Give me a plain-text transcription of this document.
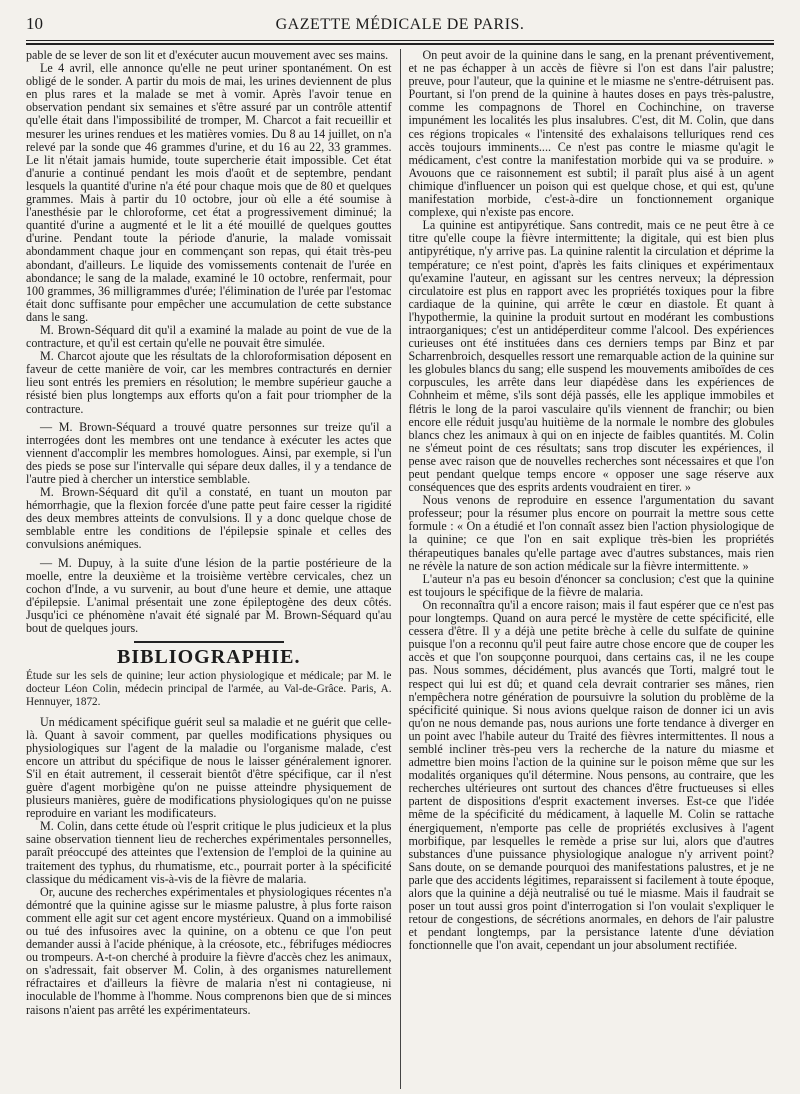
10	GAZETTE MÉDICALE DE PARIS.

pable de se lever de son lit et d'exécuter aucun mouvement avec ses mains.

Le 4 avril, elle annonce qu'elle ne peut uriner spontanément. On est obligé de le sonder. A partir du mois de mai, les urines deviennent de plus en plus rares et la malade se met à vomir. Après l'avoir tenue en observation pendant six semaines et s'être assuré par un contrôle attentif qu'elle était dans l'impossibilité de tromper, M. Charcot a fait recueillir et mesurer les urines rendues et les matières vomies. Du 8 au 14 juillet, on n'a relevé par la sonde que 46 grammes d'urine, et du 16 au 22, 33 grammes. Le lit n'était jamais humide, toute supercherie était impossible. Cet état d'anurie a continué pendant les mois d'août et de septembre, pendant lesquels la quantité d'urine n'a été pour chaque mois que de 80 et quelques grammes. Mais à partir du 10 octobre, jour où elle a été soumise à l'anesthésie par le chloroforme, cet état a progressivement diminué; la quantité d'urine a augmenté et le lit a été mouillé de quelques gouttes d'urine. Pendant toute la période d'anurie, la malade vomissait abondamment chaque jour en commençant son repas, qui était très-peu abondant, d'ailleurs. Le liquide des vomissements contenait de l'urée en abondance; le sang de la malade, examiné le 10 octobre, renfermait, pour 100 grammes, 36 milligrammes d'urée; l'élimination de l'urée par l'estomac était donc suffisante pour empêcher une accumulation de cette substance dans le sang.

M. Brown-Séquard dit qu'il a examiné la malade au point de vue de la contracture, et qu'il est certain qu'elle ne pouvait être simulée.

M. Charcot ajoute que les résultats de la chloroformisation déposent en faveur de cette manière de voir, car les membres contracturés en dernier lieu sont entrés les premiers en résolution; le membre supérieur gauche a résisté bien plus longtemps aux efforts qu'on a fait pour triompher de la contracture.

— M. Brown-Séquard a trouvé quatre personnes sur treize qu'il a interrogées dont les membres ont une tendance à exécuter les actes que viennent d'accomplir les membres homologues. Ainsi, par exemple, si l'un des pieds se pose sur l'intervalle qui sépare deux dalles, il y a tendance de l'autre pied à chercher un interstice semblable.

M. Brown-Séquard dit qu'il a constaté, en tuant un mouton par hémorrhagie, que la flexion forcée d'une patte peut faire cesser la rigidité des deux membres atteints de convulsions. Il y a donc quelque chose de semblable entre les conditions de l'épilepsie spinale et celles des convulsions anémiques.

— M. Dupuy, à la suite d'une lésion de la partie postérieure de la moelle, entre la deuxième et la troisième vertèbre cervicales, chez un cochon d'Inde, a vu survenir, au bout d'une heure et demie, une attaque d'épilepsie. L'animal présentait une zone épileptogène des deux côtés. Jusqu'ici ce phénomène n'avait été signalé par M. Brown-Séquard qu'au bout de quelques jours.

BIBLIOGRAPHIE.

Étude sur les sels de quinine; leur action physiologique et médicale; par M. le docteur Léon Colin, médecin principal de l'armée, au Val-de-Grâce. Paris, A. Hennuyer, 1872.

Un médicament spécifique guérit seul sa maladie et ne guérit que celle-là. Quant à savoir comment, par quelles modifications physiques ou physiologiques sur l'agent de la maladie ou l'organisme malade, c'est encore un attribut du spécifique de nous le laisser généralement ignorer. S'il en était autrement, il cesserait bientôt d'être spécifique, car il n'est guère d'agent morbigène qu'on ne puisse atteindre physiquement de plusieurs manières, guère de modifications physiologiques qu'on ne puisse reproduire en variant les modificateurs.

M. Colin, dans cette étude où l'esprit critique le plus judicieux et la plus saine observation tiennent lieu de recherches expérimentales personnelles, paraît préoccupé des atteintes que l'extension de l'emploi de la quinine au traitement des typhus, du rhumatisme, etc., pourrait porter à la spécificité classique du médicament vis-à-vis de la fièvre de malaria.

Or, aucune des recherches expérimentales et physiologiques récentes n'a démontré que la quinine agisse sur le miasme palustre, à plus forte raison comment elle agit sur cet agent encore mystérieux. Quand on a immobilisé ou tué des infusoires avec la quinine, on a obtenu ce que l'on peut demander aussi à l'acide phénique, à la créosote, etc., fébrifuges médiocres ou trompeurs. A-t-on cherché à produire la fièvre d'accès chez les animaux, on s'adressait, fait observer M. Colin, à des organismes naturellement réfractaires et d'ailleurs la fièvre de malaria n'est ni contagieuse, ni inoculable de l'homme à l'homme. Nous comprenons bien que de si minces raisons n'aient pas arrêté les expérimentateurs.

On peut avoir de la quinine dans le sang, en la prenant préventivement, et ne pas échapper à un accès de fièvre si l'on est dans l'air palustre; preuve, pour l'auteur, que la quinine et le miasme ne s'entre-détruisent pas. Pourtant, si l'on prend de la quinine à hautes doses en pays très-palustre, comme les compagnons de Thorel en Cochinchine, on traverse impunément les localités les plus insalubres. C'est, dit M. Colin, que dans ces régions tropicales « l'intensité des exhalaisons telluriques rend ces accès toujours imminents.... Ce n'est pas contre le miasme qu'agit le médicament, c'est contre la manifestation morbide qui va se produire. » Avouons que ce raisonnement est subtil; il paraît plus aisé à un agent chimique d'influencer un poison qui est quelque chose, et qui est, qu'une manifestation morbide, c'est-à-dire un fonctionnement organique complexe, qui n'existe pas encore.

La quinine est antipyrétique. Sans contredit, mais ce ne peut être à ce titre qu'elle coupe la fièvre intermittente; la digitale, qui est bien plus antipyrétique, n'y arrive pas. La quinine ralentit la circulation et déprime la température; ce n'est point, d'après les faits cliniques et expérimentaux qu'examine l'auteur, en agissant sur les centres nerveux; la dépression circulatoire est plus en rapport avec les propriétés toxiques pour la fibre cardiaque de la quinine, qui arrête le cœur en diastole. Et quant à l'hypothermie, la quinine la produit surtout en modérant les combustions intraorganiques; c'est un antidéperditeur comme l'alcool. Des expériences curieuses ont été instituées dans ces derniers temps par Binz et par Scharrenbroich, desquelles ressort une remarquable action de la quinine sur les globules blancs du sang; elle suspend les mouvements amiboïdes de ces corpuscules, les arrête dans leur diapédèse dans les expériences de Cohnheim et même, s'ils sont déjà passés, elle les applique immobiles et flétris le long de la paroi vasculaire qu'ils viennent de franchir; ou bien encore elle réduit jusqu'au huitième de la normale le nombre des globules blancs chez les animaux à qui on en injecte de faibles quantités. M. Colin ne s'émeut point de ces résultats; sans trop discuter les expériences, il pense avec raison que de nouvelles recherches sont nécessaires et que l'on peut pendant quelque temps encore « opposer une sage réserve aux conséquences que des esprits ardents voudraient en tirer. »

Nous venons de reproduire en essence l'argumentation du savant professeur; pour la résumer plus encore on pourrait la mettre sous cette formule : « On a étudié et l'on connaît assez bien l'action physiologique de la quinine; ce que l'on en sait explique très-bien les propriétés thérapeutiques banales qu'elle partage avec d'autres substances, mais rien ne révèle la nature de son action médicale sur la fièvre intermittente. »

L'auteur n'a pas eu besoin d'énoncer sa conclusion; c'est que la quinine est toujours le spécifique de la fièvre de malaria.

On reconnaîtra qu'il a encore raison; mais il faut espérer que ce n'est pas pour longtemps. Quand on aura percé le mystère de cette spécificité, elle cessera d'être. Il y a déjà une petite brèche à celle du sulfate de quinine puisque l'on a reconnu qu'il peut faire autre chose encore que de couper les accès et que l'on soupçonne pourquoi, dans certains cas, il ne les coupe pas. Nous sommes, décidément, plus avancés que Torti, malgré tout le respect qui lui est dû; et quand cela devrait contrarier ses mânes, rien n'empêchera notre génération de poursuivre la solution du problème de la spécificité quinique. Si nous avions quelque raison de donner ici un avis qu'on ne nous demande pas, nous aurions une forte tendance à diverger en un point avec l'habile auteur du Traité des fièvres intermittentes. Il nous a semblé incliner très-peu vers la recherche de la nature du miasme et admettre bien moins l'action de la quinine sur le poison même que sur les modalités organiques qu'il détermine. Nous pensons, au contraire, que les recherches ultérieures ont surtout des chances d'être fructueuses si elles partent de dispositions d'esprit exactement inverses. Est-ce que l'idée même de la spécificité du médicament, à laquelle M. Colin se rattache énergiquement, n'emporte pas celle de propriétés exclusives à l'agent morbifique, par lesquelles le remède a prise sur lui, alors que d'autres substances d'une puissance physiologique analogue n'y arrivent point? Sans doute, on se demande pourquoi des manifestations palustres, et je ne parle que des accidents légitimes, reparaissent si facilement à toute époque, alors que la quinine a déjà neutralisé ou tué le miasme. Mais il faudrait se poser un tout aussi gros point d'interrogation si l'on voulait s'expliquer le retour de congestions, de sécrétions anormales, en dehors de l'air palustre et pendant longtemps, par la persistance latente d'une déviation fonctionnelle que l'on avait, cependant un jour absolument rectifiée.
